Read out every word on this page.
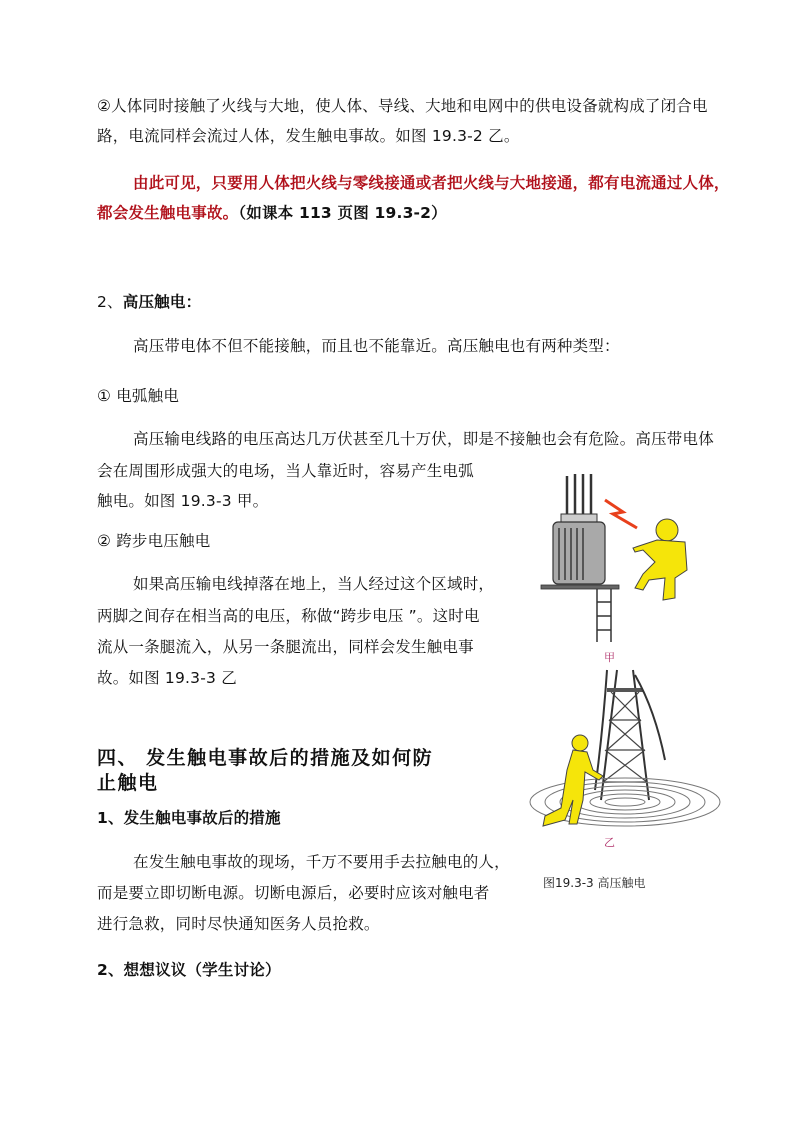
②人体同时接触了火线与大地，使人体、导线、大地和电网中的供电设备就构成了闭合电
路，电流同样会流过人体，发生触电事故。如图 19.3-2 乙。
由此可见，只要用人体把火线与零线接通或者把火线与大地接通，都有电流通过人体，
都会发生触电事故。（如课本 113 页图 19.3-2）
2、高压触电：
高压带电体不但不能接触，而且也不能靠近。高压触电也有两种类型：
① 电弧触电
高压输电线路的电压高达几万伏甚至几十万伏，即是不接触也会有危险。高压带电体
会在周围形成强大的电场，当人靠近时，容易产生电弧
触电。如图 19.3-3 甲。
② 跨步电压触电
如果高压输电线掉落在地上，当人经过这个区域时，
两脚之间存在相当高的电压，称做“跨步电压 ”。这时电
流从一条腿流入，从另一条腿流出，同样会发生触电事
故。如图 19.3-3 乙
四、 发生触电事故后的措施及如何防
止触电
1、发生触电事故后的措施
在发生触电事故的现场，千万不要用手去拉触电的人，
而是要立即切断电源。切断电源后，必要时应该对触电者
进行急救，同时尽快通知医务人员抢救。
2、想想议议（学生讨论）
甲
乙
图19.3-3 高压触电
